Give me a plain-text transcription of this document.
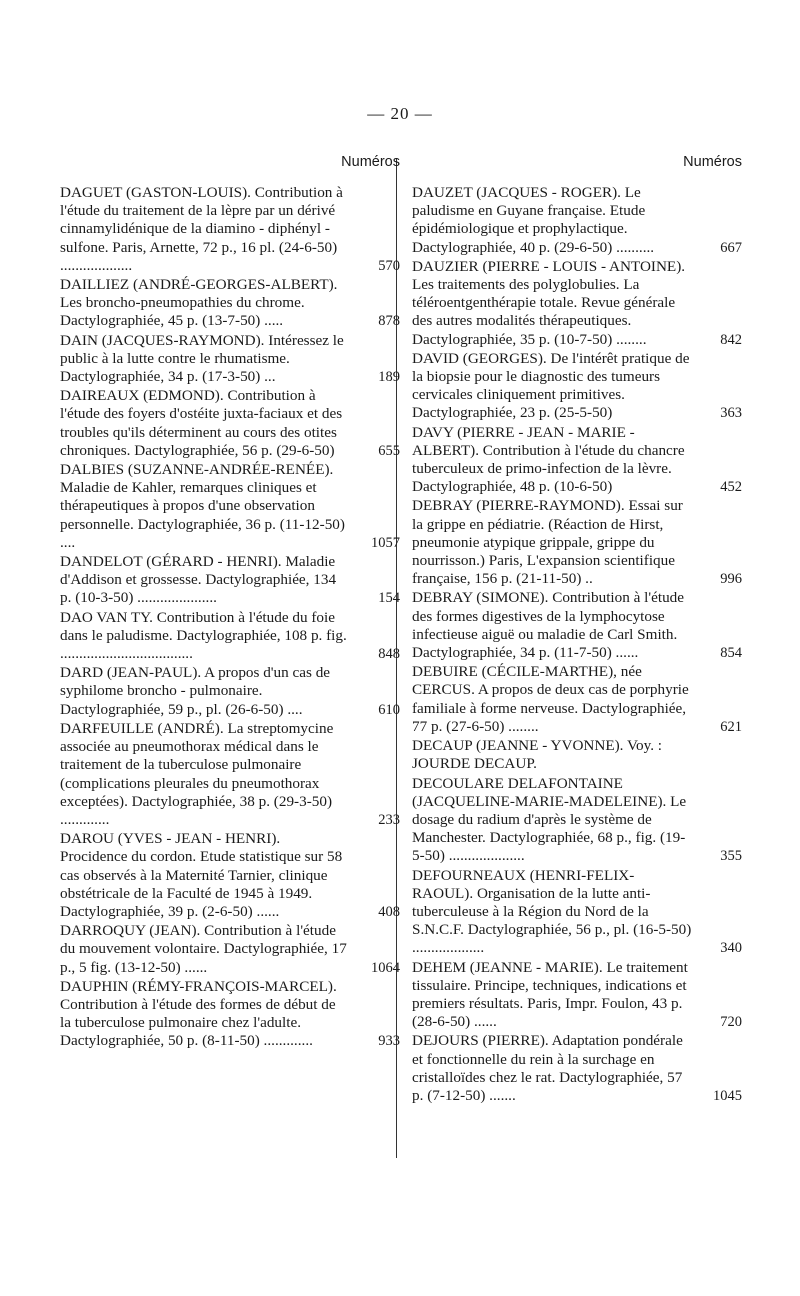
— 20 —
Numéros
DAGUET (GASTON-LOUIS). Contribution à l'étude du traitement de la lèpre par un dérivé cinnamylidénique de la diamino - diphényl - sulfone. Paris, Arnette, 72 p., 16 pl. (24-6-50) ...................	570
DAILLIEZ (ANDRÉ-GEORGES-ALBERT). Les broncho-pneumopathies du chrome. Dactylographiée, 45 p. (13-7-50) .....	878
DAIN (JACQUES-RAYMOND). Intéressez le public à la lutte contre le rhumatisme. Dactylographiée, 34 p. (17-3-50) ...	189
DAIREAUX (EDMOND). Contribution à l'étude des foyers d'ostéite juxta-faciaux et des troubles qu'ils déterminent au cours des otites chroniques. Dactylographiée, 56 p. (29-6-50)	655
DALBIES (SUZANNE-ANDRÉE-RENÉE). Maladie de Kahler, remarques cliniques et thérapeutiques à propos d'une observation personnelle. Dactylographiée, 36 p. (11-12-50) ....	1057
DANDELOT (GÉRARD - HENRI). Maladie d'Addison et grossesse. Dactylographiée, 134 p. (10-3-50) .....................	154
DAO VAN TY. Contribution à l'étude du foie dans le paludisme. Dactylographiée, 108 p. fig. ...................................	848
DARD (JEAN-PAUL). A propos d'un cas de syphilome broncho - pulmonaire. Dactylographiée, 59 p., pl. (26-6-50) ....	610
DARFEUILLE (ANDRÉ). La streptomycine associée au pneumothorax médical dans le traitement de la tuberculose pulmonaire (complications pleurales du pneumothorax exceptées). Dactylographiée, 38 p. (29-3-50) .............	233
DAROU (YVES - JEAN - HENRI). Procidence du cordon. Etude statistique sur 58 cas observés à la Maternité Tarnier, clinique obstétricale de la Faculté de 1945 à 1949. Dactylographiée, 39 p. (2-6-50) ......	408
DARROQUY (JEAN). Contribution à l'étude du mouvement volontaire. Dactylographiée, 17 p., 5 fig. (13-12-50) ......	1064
DAUPHIN (RÉMY-FRANÇOIS-MARCEL). Contribution à l'étude des formes de début de la tuberculose pulmonaire chez l'adulte. Dactylographiée, 50 p. (8-11-50) .............	933
Numéros
DAUZET (JACQUES - ROGER). Le paludisme en Guyane française. Etude épidémiologique et prophylactique. Dactylographiée, 40 p. (29-6-50) ..........	667
DAUZIER (PIERRE - LOUIS - ANTOINE). Les traitements des polyglobulies. La téléroentgenthérapie totale. Revue générale des autres modalités thérapeutiques. Dactylographiée, 35 p. (10-7-50) ........	842
DAVID (GEORGES). De l'intérêt pratique de la biopsie pour le diagnostic des tumeurs cervicales cliniquement primitives. Dactylographiée, 23 p. (25-5-50)	363
DAVY (PIERRE - JEAN - MARIE - ALBERT). Contribution à l'étude du chancre tuberculeux de primo-infection de la lèvre. Dactylographiée, 48 p. (10-6-50)	452
DEBRAY (PIERRE-RAYMOND). Essai sur la grippe en pédiatrie. (Réaction de Hirst, pneumonie atypique grippale, grippe du nourrisson.) Paris, L'expansion scientifique française, 156 p. (21-11-50) ..	996
DEBRAY (SIMONE). Contribution à l'étude des formes digestives de la lymphocytose infectieuse aiguë ou maladie de Carl Smith. Dactylographiée, 34 p. (11-7-50) ......	854
DEBUIRE (CÉCILE-MARTHE), née CERCUS. A propos de deux cas de porphyrie familiale à forme nerveuse. Dactylographiée, 77 p. (27-6-50) ........	621
DECAUP (JEANNE - YVONNE). Voy. : JOURDE DECAUP.
DECOULARE DELAFONTAINE (JACQUELINE-MARIE-MADELEINE). Le dosage du radium d'après le système de Manchester. Dactylographiée, 68 p., fig. (19-5-50) ....................	355
DEFOURNEAUX (HENRI-FELIX-RAOUL). Organisation de la lutte anti-tuberculeuse à la Région du Nord de la S.N.C.F. Dactylographiée, 56 p., pl. (16-5-50) ...................	340
DEHEM (JEANNE - MARIE). Le traitement tissulaire. Principe, techniques, indications et premiers résultats. Paris, Impr. Foulon, 43 p. (28-6-50) ......	720
DEJOURS (PIERRE). Adaptation pondérale et fonctionnelle du rein à la surchage en cristalloïdes chez le rat. Dactylographiée, 57 p. (7-12-50) .......	1045
